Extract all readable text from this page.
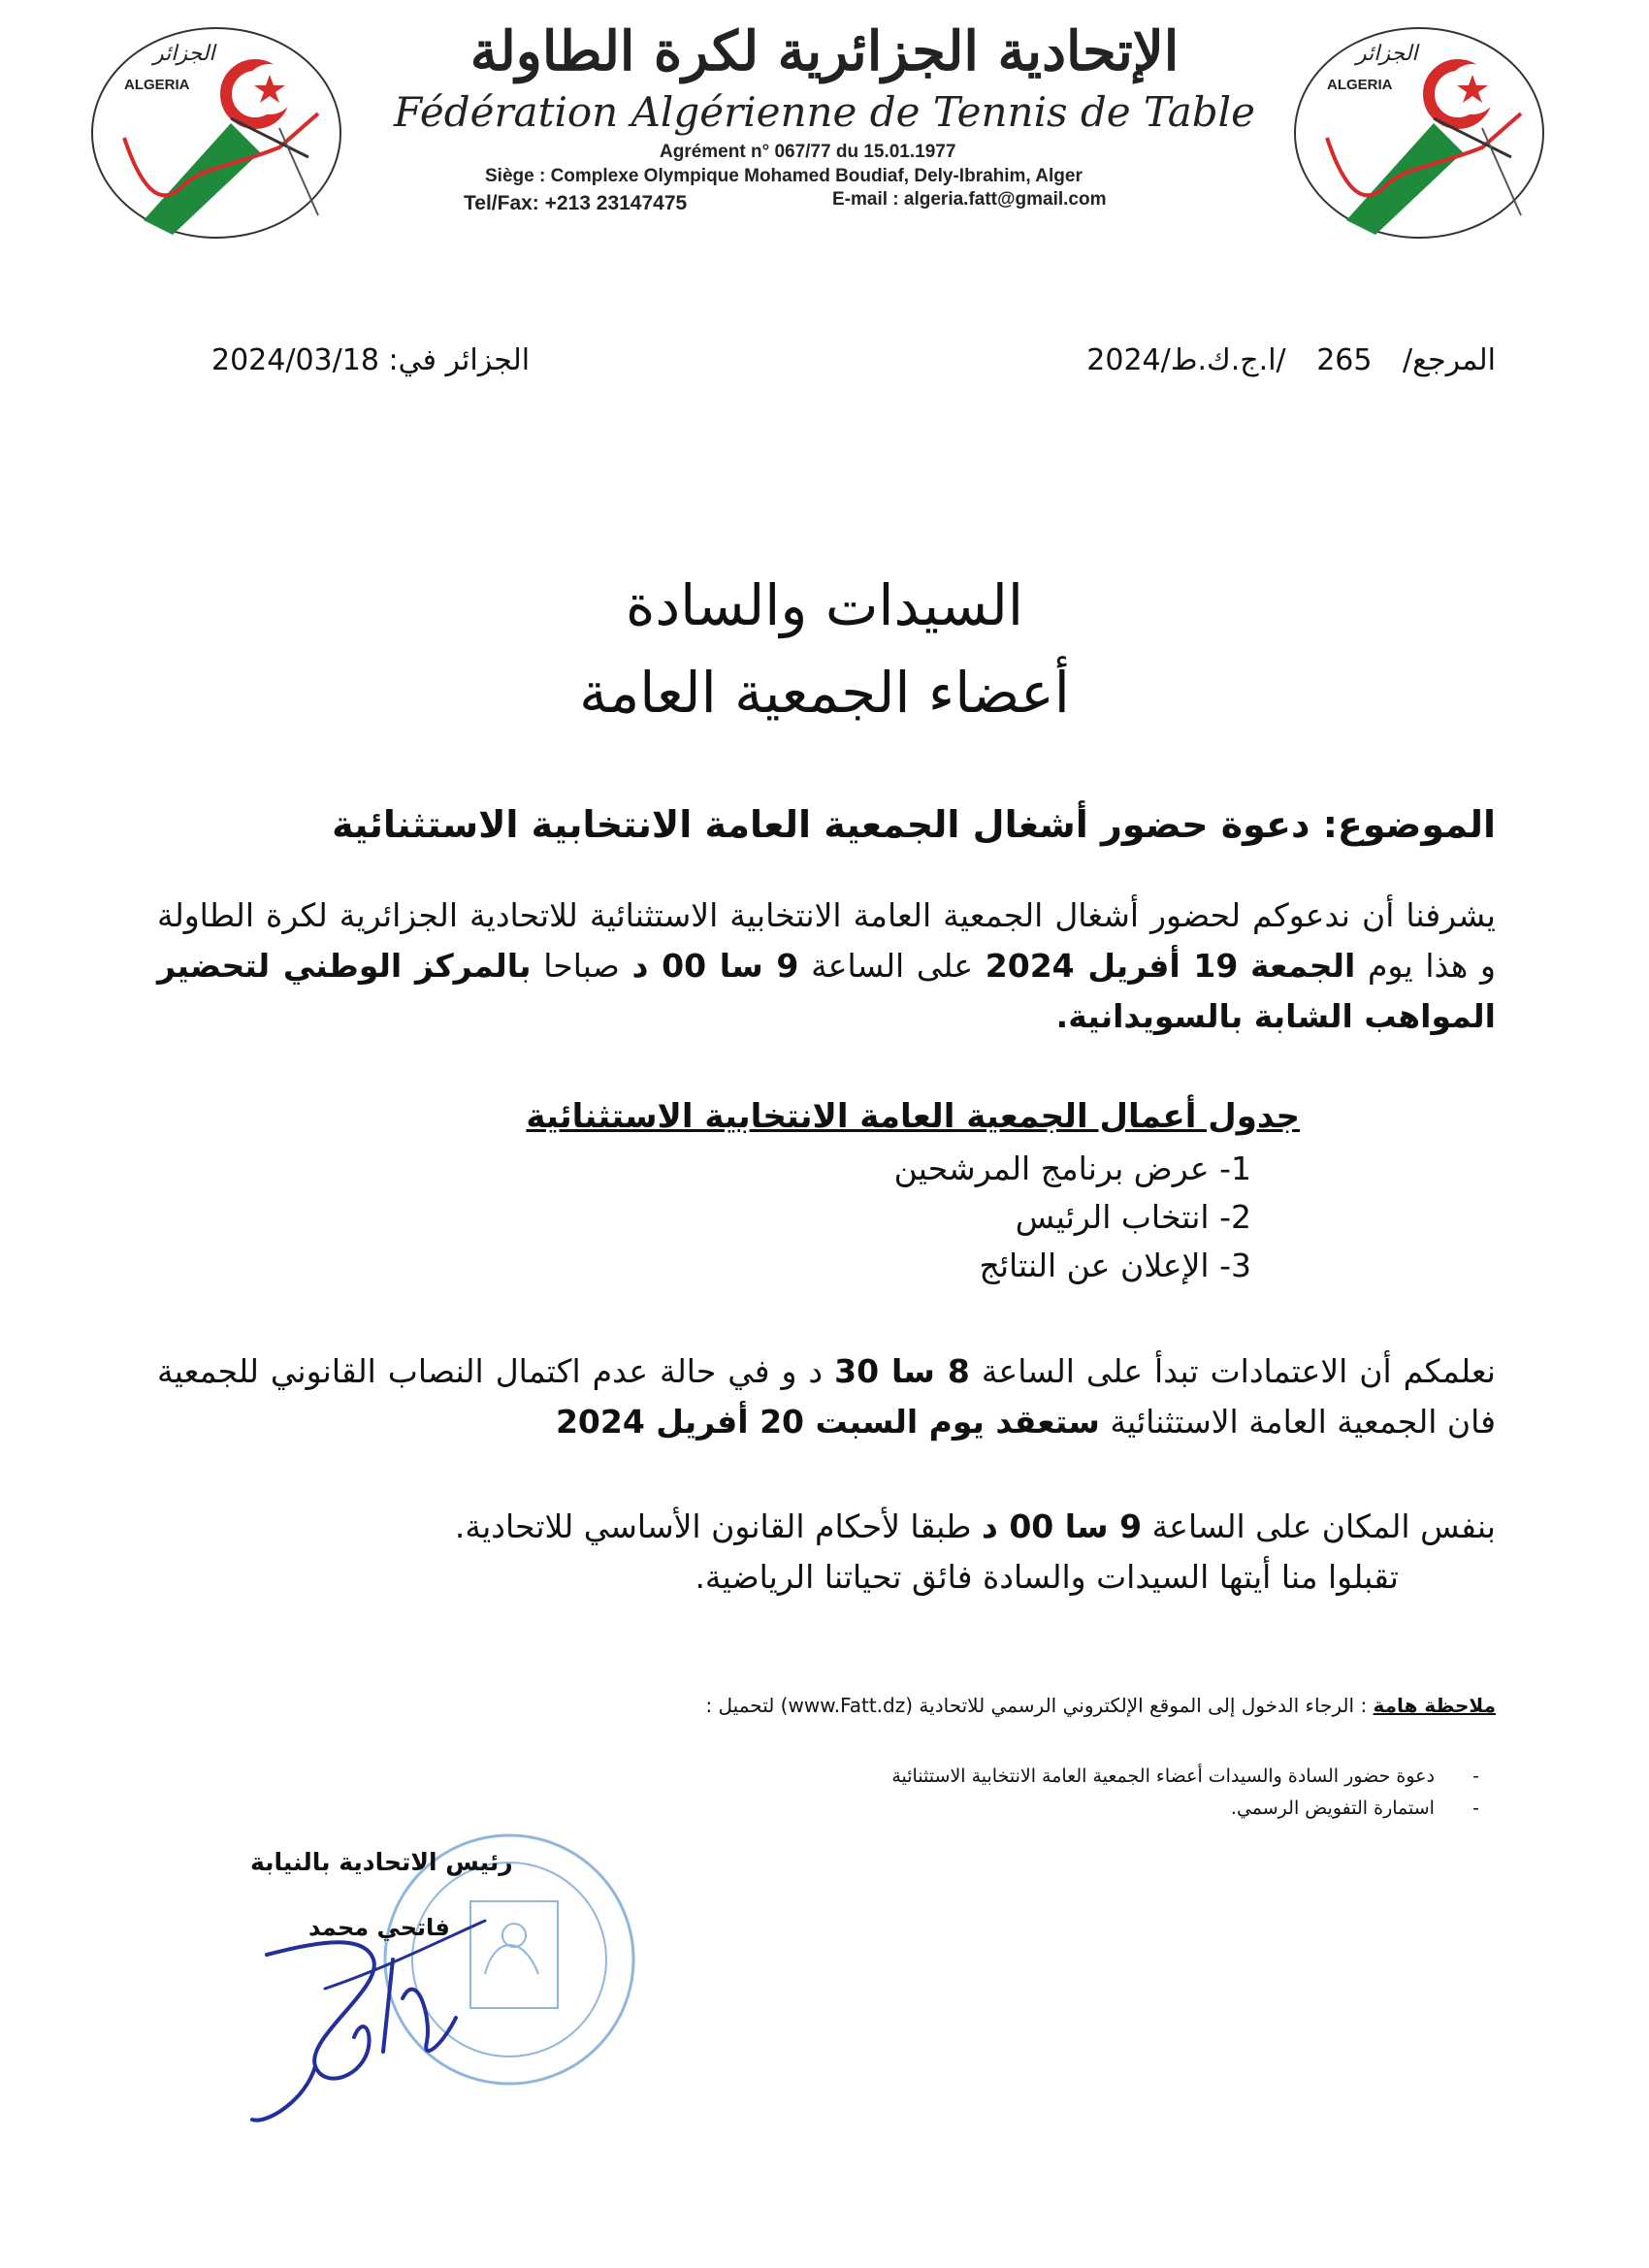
الجزائر
ALGERIA
الجزائر
ALGERIA
الإتحادية الجزائرية لكرة الطاولة
Fédération Algérienne de Tennis de Table
Agrément n° 067/77 du 15.01.1977
Siège : Complexe Olympique Mohamed Boudiaf, Dely-Ibrahim, Alger
Tel/Fax: +213 23147475	E-mail : algeria.fatt@gmail.com
المرجع/ 265 /ا.ج.ك.ط/2024
الجزائر في: 2024/03/18
السيدات والسادة
أعضاء الجمعية العامة
الموضوع: دعوة حضور أشغال الجمعية العامة الانتخابية الاستثنائية
يشرفنا أن ندعوكم لحضور أشغال الجمعية العامة الانتخابية الاستثنائية للاتحادية الجزائرية لكرة الطاولة و هذا يوم الجمعة 19 أفريل 2024 على الساعة 9 سا 00 د صباحا بالمركز الوطني لتحضير المواهب الشابة بالسويدانية.
جدول أعمال الجمعية العامة الانتخابية الاستثنائية
1- عرض برنامج المرشحين
2- انتخاب الرئيس
3- الإعلان عن النتائج
نعلمكم أن الاعتمادات تبدأ على الساعة 8 سا 30 د و في حالة عدم اكتمال النصاب القانوني للجمعية فان الجمعية العامة الاستثنائية ستعقد يوم السبت 20 أفريل 2024
بنفس المكان على الساعة 9 سا 00 د طبقا لأحكام القانون الأساسي للاتحادية.
تقبلوا منا أيتها السيدات والسادة فائق تحياتنا الرياضية.
ملاحظة هامة : الرجاء الدخول إلى الموقع الإلكتروني الرسمي للاتحادية (www.Fatt.dz) لتحميل :
- دعوة حضور السادة والسيدات أعضاء الجمعية العامة الانتخابية الاستثنائية
- استمارة التفويض الرسمي.
رئيس الاتحادية بالنيابة
فاتحي محمد
